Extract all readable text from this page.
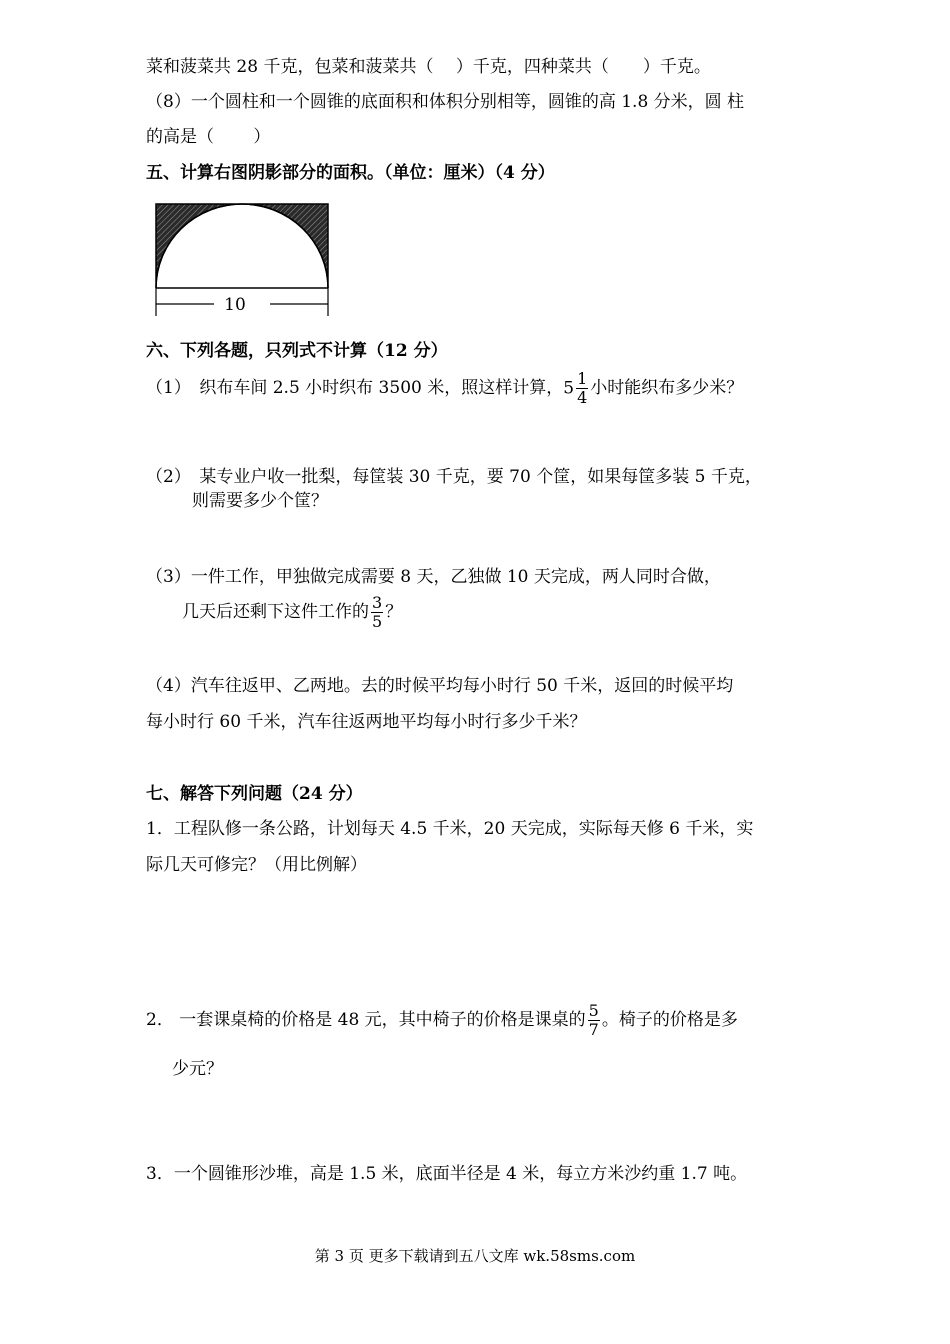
菜和菠菜共 28 千克，包菜和菠菜共（　 ）千克，四种菜共（　　）千克。
（8）一个圆柱和一个圆锥的底面积和体积分别相等，圆锥的高 1.8 分米，圆 柱
的高是（　　 ）
五、计算右图阴影部分的面积。（单位：厘米）（4 分）
10
六、下列各题，只列式不计算（12 分）
（1）　织布车间 2.5 小时织布 3500 米，照这样计算，$5 \frac{1}{4}$ 小时能织布多少米？
（2）　某专业户收一批梨，每筐装 30 千克，要 70 个筐，如果每筐多装 5 千克，
则需要多少个筐？
（3）一件工作，甲独做完成需要 8 天，乙独做 10 天完成，两人同时合做，
几天后还剩下这件工作的 $\frac{3}{5}$ ？
（4）汽车往返甲、乙两地。去的时候平均每小时行 50 千米，返回的时候平均
每小时行 60 千米，汽车往返两地平均每小时行多少千米？
七、解答下列问题（24 分）
1．工程队修一条公路，计划每天 4.5 千米，20 天完成，实际每天修 6 千米，实
际几天可修完？（用比例解）
2． 一套课桌椅的价格是 48 元，其中椅子的价格是课桌的 $\frac{5}{7}$ 。椅子的价格是多
少元？
3．一个圆锥形沙堆，高是 1.5 米，底面半径是 4 米，每立方米沙约重 1.7 吨。
第 3 页 更多下载请到五八文库 wk.58sms.com
